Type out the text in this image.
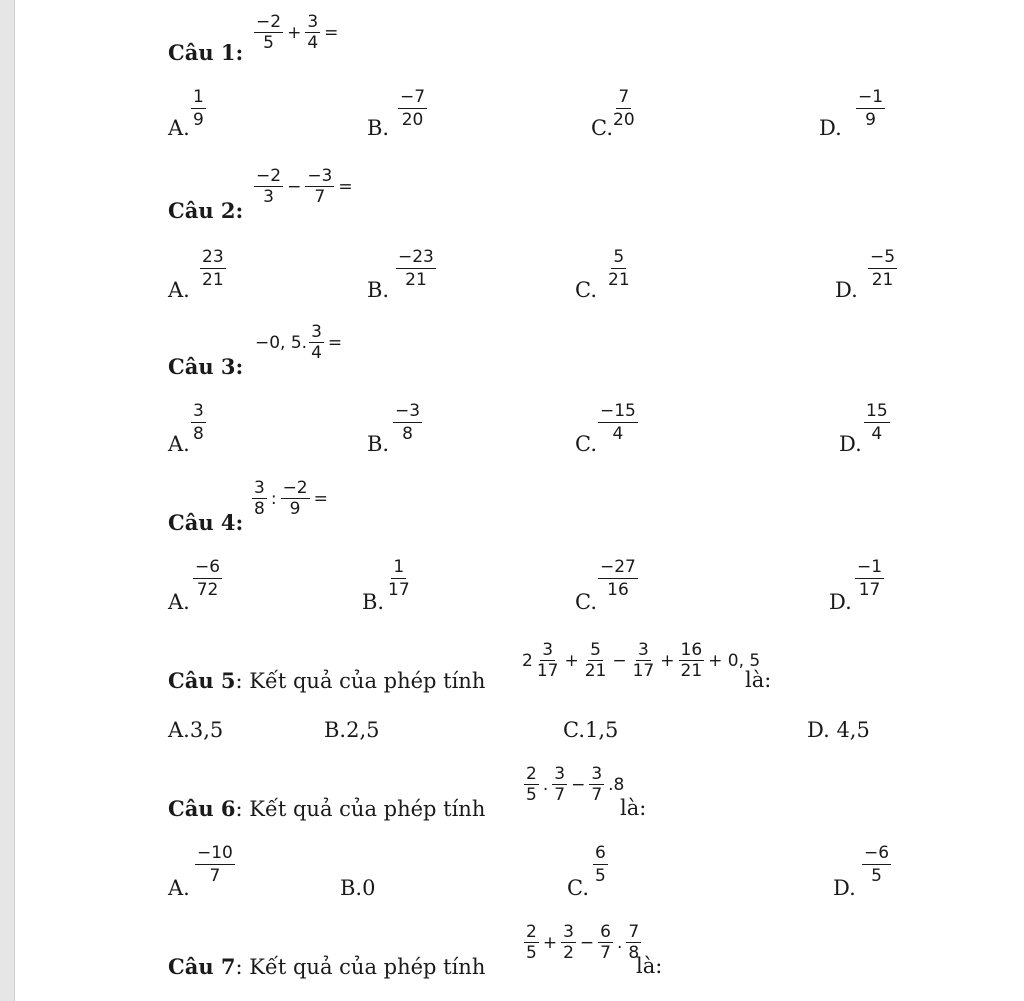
Câu 1: $\frac{-2}{5} + \frac{3}{4}$ =
A.
1
9	B.
−7
20	C.
7
20	D.
−1
9
Câu 2:
$\frac{-2}{3} - \frac{-3}{7}$ =
A.
23
21	B.
−23
21	C.
5
21	D.
−5
21
Câu 3:
−0, 5. $\frac{3}{4}$ =
A.
3
8	B.
−3
8	C.
−15
4	D.
15
4
Câu 4:
$\frac{3}{8}$ : $\frac{-2}{9}$ =
A.
−6
72	B.
1
17	C.
−27
16	D.
−1
17
Câu 5: Kết quả của phép tính
$2 \frac{3}{17} + \frac{5}{21} - \frac{3}{17} + \frac{16}{21} + 0$, 5
là:
A.3,5	B.2,5	C.1,5	D. 4,5
Câu 6: Kết quả của phép tính
$\frac{2}{5}$ . $\frac{3}{7} - \frac{3}{7} .8$
là:
A.
−10
7	B.0	C.
6
5	D.
−6
5
Câu 7: Kết quả của phép tính
$\frac{2}{5} + \frac{3}{2} - \frac{6}{7}$ . $\frac{7}{8}$
là:
